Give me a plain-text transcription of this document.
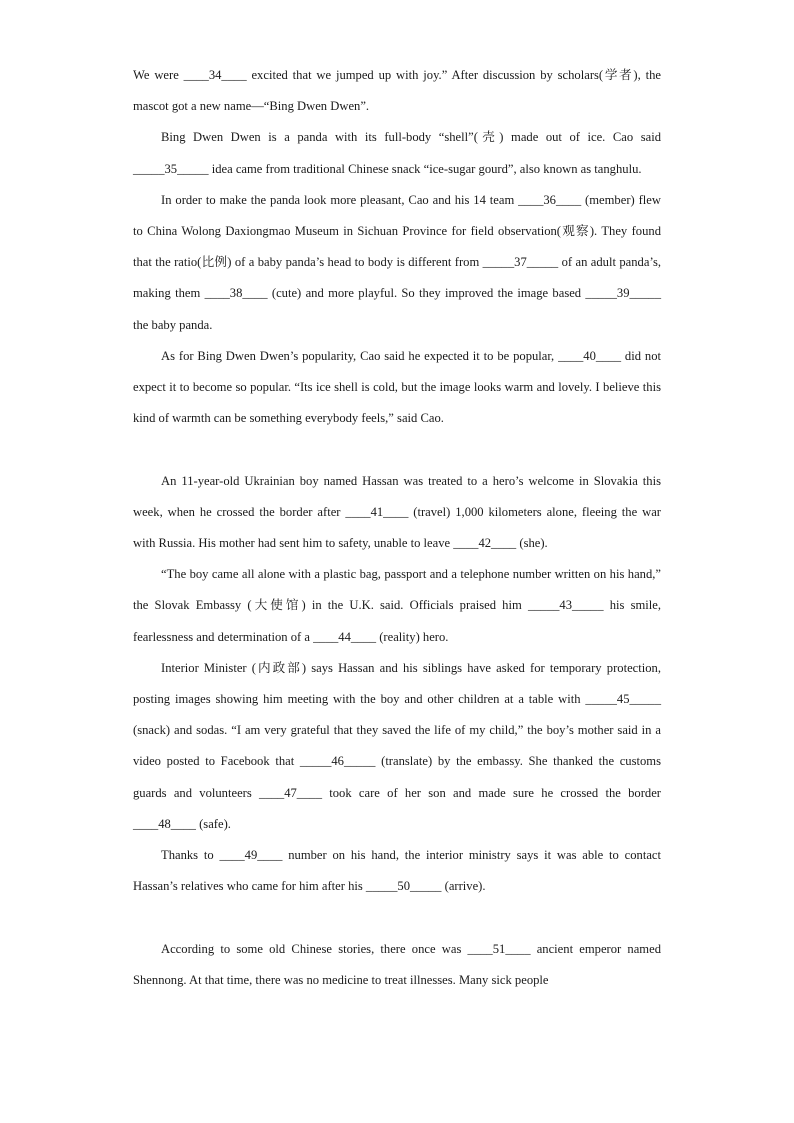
We were ____34____ excited that we jumped up with joy.” After discussion by scholars(学者), the mascot got a new name—“Bing Dwen Dwen”.

Bing Dwen Dwen is a panda with its full-body “shell”(壳) made out of ice. Cao said _____35_____ idea came from traditional Chinese snack “ice-sugar gourd”, also known as tanghulu.

In order to make the panda look more pleasant, Cao and his 14 team ____36____ (member) flew to China Wolong Daxiongmao Museum in Sichuan Province for field observation(观察). They found that the ratio(比例) of a baby panda’s head to body is different from _____37_____ of an adult panda’s, making them ____38____ (cute) and more playful. So they improved the image based _____39_____ the baby panda.

As for Bing Dwen Dwen’s popularity, Cao said he expected it to be popular, ____40____ did not expect it to become so popular. “Its ice shell is cold, but the image looks warm and lovely. I believe this kind of warmth can be something everybody feels,” said Cao.

An 11-year-old Ukrainian boy named Hassan was treated to a hero’s welcome in Slovakia this week, when he crossed the border after ____41____ (travel) 1,000 kilometers alone, fleeing the war with Russia. His mother had sent him to safety, unable to leave ____42____ (she).

“The boy came all alone with a plastic bag, passport and a telephone number written on his hand,” the Slovak Embassy (大使馆) in the U.K. said. Officials praised him _____43_____ his smile, fearlessness and determination of a ____44____ (reality) hero.

Interior Minister (内政部) says Hassan and his siblings have asked for temporary protection, posting images showing him meeting with the boy and other children at a table with _____45_____ (snack) and sodas. “I am very grateful that they saved the life of my child,” the boy’s mother said in a video posted to Facebook that _____46_____ (translate) by the embassy. She thanked the customs guards and volunteers ____47____ took care of her son and made sure he crossed the border ____48____ (safe).

Thanks to ____49____ number on his hand, the interior ministry says it was able to contact Hassan’s relatives who came for him after his _____50_____ (arrive).

According to some old Chinese stories, there once was ____51____ ancient emperor named Shennong. At that time, there was no medicine to treat illnesses. Many sick people
